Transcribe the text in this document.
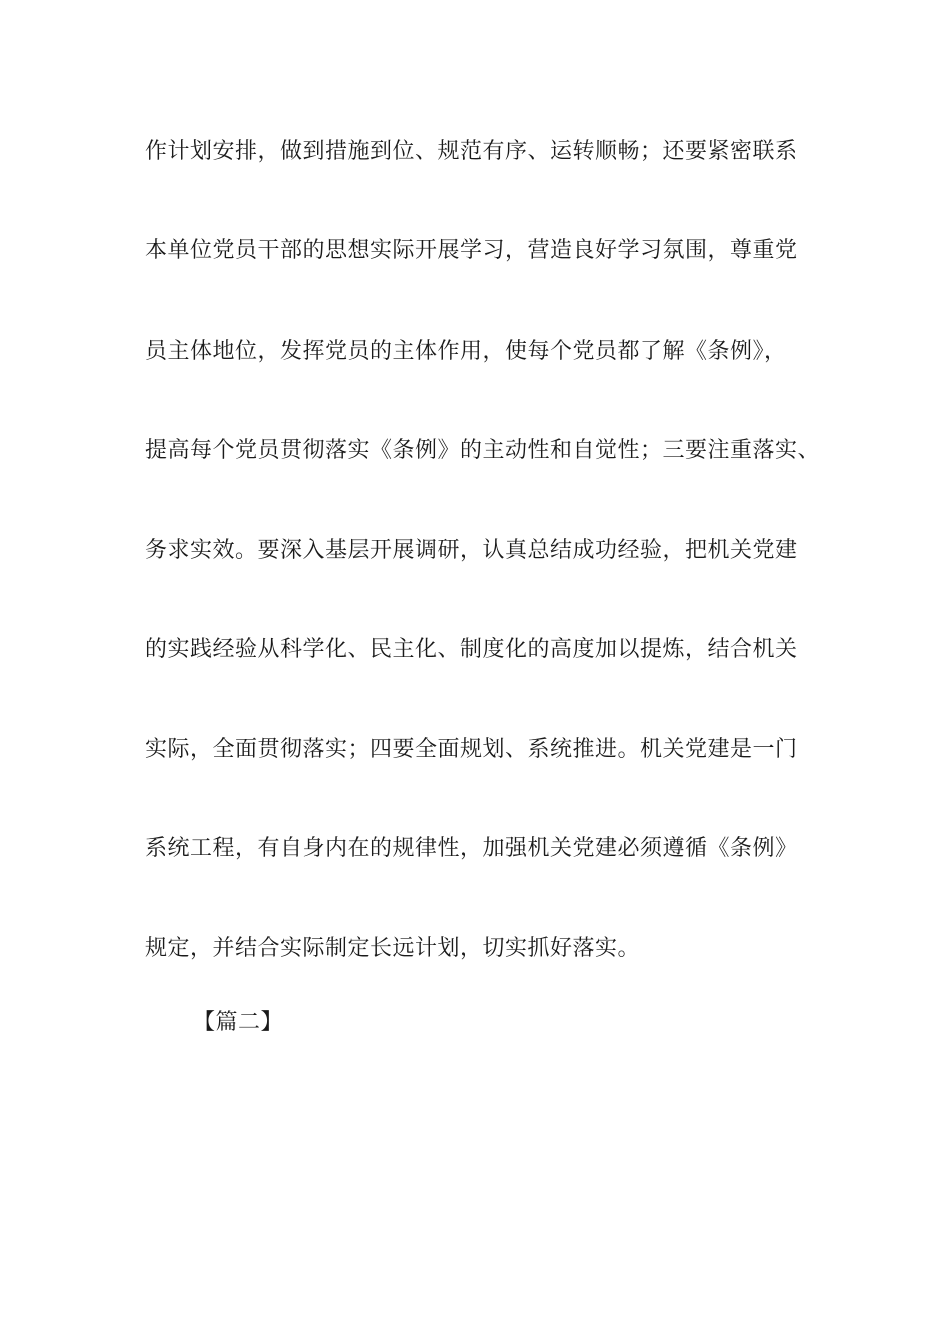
作计划安排，做到措施到位、规范有序、运转顺畅；还要紧密联系
本单位党员干部的思想实际开展学习，营造良好学习氛围，尊重党
员主体地位，发挥党员的主体作用，使每个党员都了解《条例》，
提高每个党员贯彻落实《条例》的主动性和自觉性；三要注重落实、
务求实效。要深入基层开展调研，认真总结成功经验，把机关党建
的实践经验从科学化、民主化、制度化的高度加以提炼，结合机关
实际，全面贯彻落实；四要全面规划、系统推进。机关党建是一门
系统工程，有自身内在的规律性，加强机关党建必须遵循《条例》
规定，并结合实际制定长远计划，切实抓好落实。
【篇二】
